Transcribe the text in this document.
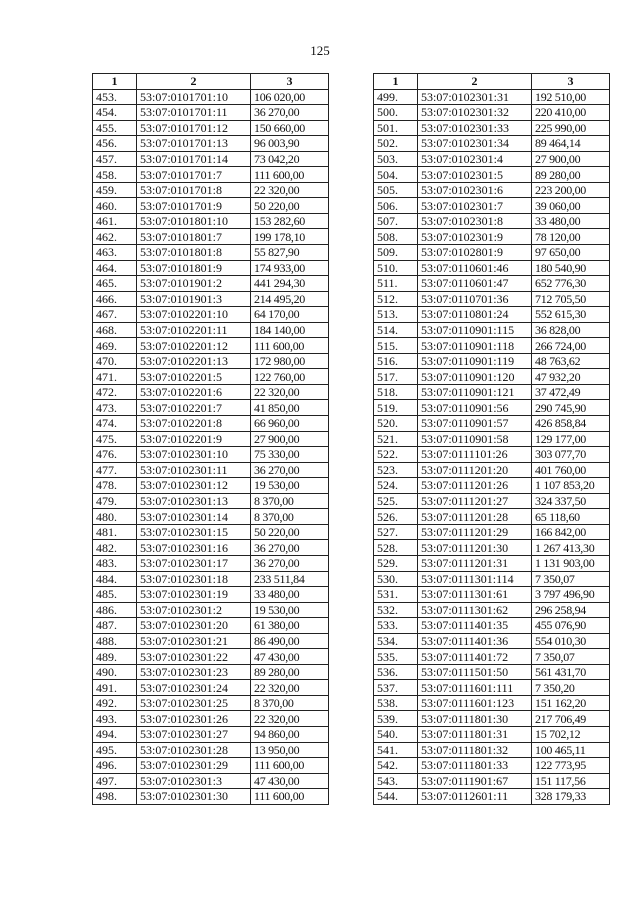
125
1	2	3
453.	53:07:0101701:10	106 020,00
454.	53:07:0101701:11	36 270,00
455.	53:07:0101701:12	150 660,00
456.	53:07:0101701:13	96 003,90
457.	53:07:0101701:14	73 042,20
458.	53:07:0101701:7	111 600,00
459.	53:07:0101701:8	22 320,00
460.	53:07:0101701:9	50 220,00
461.	53:07:0101801:10	153 282,60
462.	53:07:0101801:7	199 178,10
463.	53:07:0101801:8	55 827,90
464.	53:07:0101801:9	174 933,00
465.	53:07:0101901:2	441 294,30
466.	53:07:0101901:3	214 495,20
467.	53:07:0102201:10	64 170,00
468.	53:07:0102201:11	184 140,00
469.	53:07:0102201:12	111 600,00
470.	53:07:0102201:13	172 980,00
471.	53:07:0102201:5	122 760,00
472.	53:07:0102201:6	22 320,00
473.	53:07:0102201:7	41 850,00
474.	53:07:0102201:8	66 960,00
475.	53:07:0102201:9	27 900,00
476.	53:07:0102301:10	75 330,00
477.	53:07:0102301:11	36 270,00
478.	53:07:0102301:12	19 530,00
479.	53:07:0102301:13	8 370,00
480.	53:07:0102301:14	8 370,00
481.	53:07:0102301:15	50 220,00
482.	53:07:0102301:16	36 270,00
483.	53:07:0102301:17	36 270,00
484.	53:07:0102301:18	233 511,84
485.	53:07:0102301:19	33 480,00
486.	53:07:0102301:2	19 530,00
487.	53:07:0102301:20	61 380,00
488.	53:07:0102301:21	86 490,00
489.	53:07:0102301:22	47 430,00
490.	53:07:0102301:23	89 280,00
491.	53:07:0102301:24	22 320,00
492.	53:07:0102301:25	8 370,00
493.	53:07:0102301:26	22 320,00
494.	53:07:0102301:27	94 860,00
495.	53:07:0102301:28	13 950,00
496.	53:07:0102301:29	111 600,00
497.	53:07:0102301:3	47 430,00
498.	53:07:0102301:30	111 600,00
1	2	3
499.	53:07:0102301:31	192 510,00
500.	53:07:0102301:32	220 410,00
501.	53:07:0102301:33	225 990,00
502.	53:07:0102301:34	89 464,14
503.	53:07:0102301:4	27 900,00
504.	53:07:0102301:5	89 280,00
505.	53:07:0102301:6	223 200,00
506.	53:07:0102301:7	39 060,00
507.	53:07:0102301:8	33 480,00
508.	53:07:0102301:9	78 120,00
509.	53:07:0102801:9	97 650,00
510.	53:07:0110601:46	180 540,90
511.	53:07:0110601:47	652 776,30
512.	53:07:0110701:36	712 705,50
513.	53:07:0110801:24	552 615,30
514.	53:07:0110901:115	36 828,00
515.	53:07:0110901:118	266 724,00
516.	53:07:0110901:119	48 763,62
517.	53:07:0110901:120	47 932,20
518.	53:07:0110901:121	37 472,49
519.	53:07:0110901:56	290 745,90
520.	53:07:0110901:57	426 858,84
521.	53:07:0110901:58	129 177,00
522.	53:07:0111101:26	303 077,70
523.	53:07:0111201:20	401 760,00
524.	53:07:0111201:26	1 107 853,20
525.	53:07:0111201:27	324 337,50
526.	53:07:0111201:28	65 118,60
527.	53:07:0111201:29	166 842,00
528.	53:07:0111201:30	1 267 413,30
529.	53:07:0111201:31	1 131 903,00
530.	53:07:0111301:114	7 350,07
531.	53:07:0111301:61	3 797 496,90
532.	53:07:0111301:62	296 258,94
533.	53:07:0111401:35	455 076,90
534.	53:07:0111401:36	554 010,30
535.	53:07:0111401:72	7 350,07
536.	53:07:0111501:50	561 431,70
537.	53:07:0111601:111	7 350,20
538.	53:07:0111601:123	151 162,20
539.	53:07:0111801:30	217 706,49
540.	53:07:0111801:31	15 702,12
541.	53:07:0111801:32	100 465,11
542.	53:07:0111801:33	122 773,95
543.	53:07:0111901:67	151 117,56
544.	53:07:0112601:11	328 179,33
